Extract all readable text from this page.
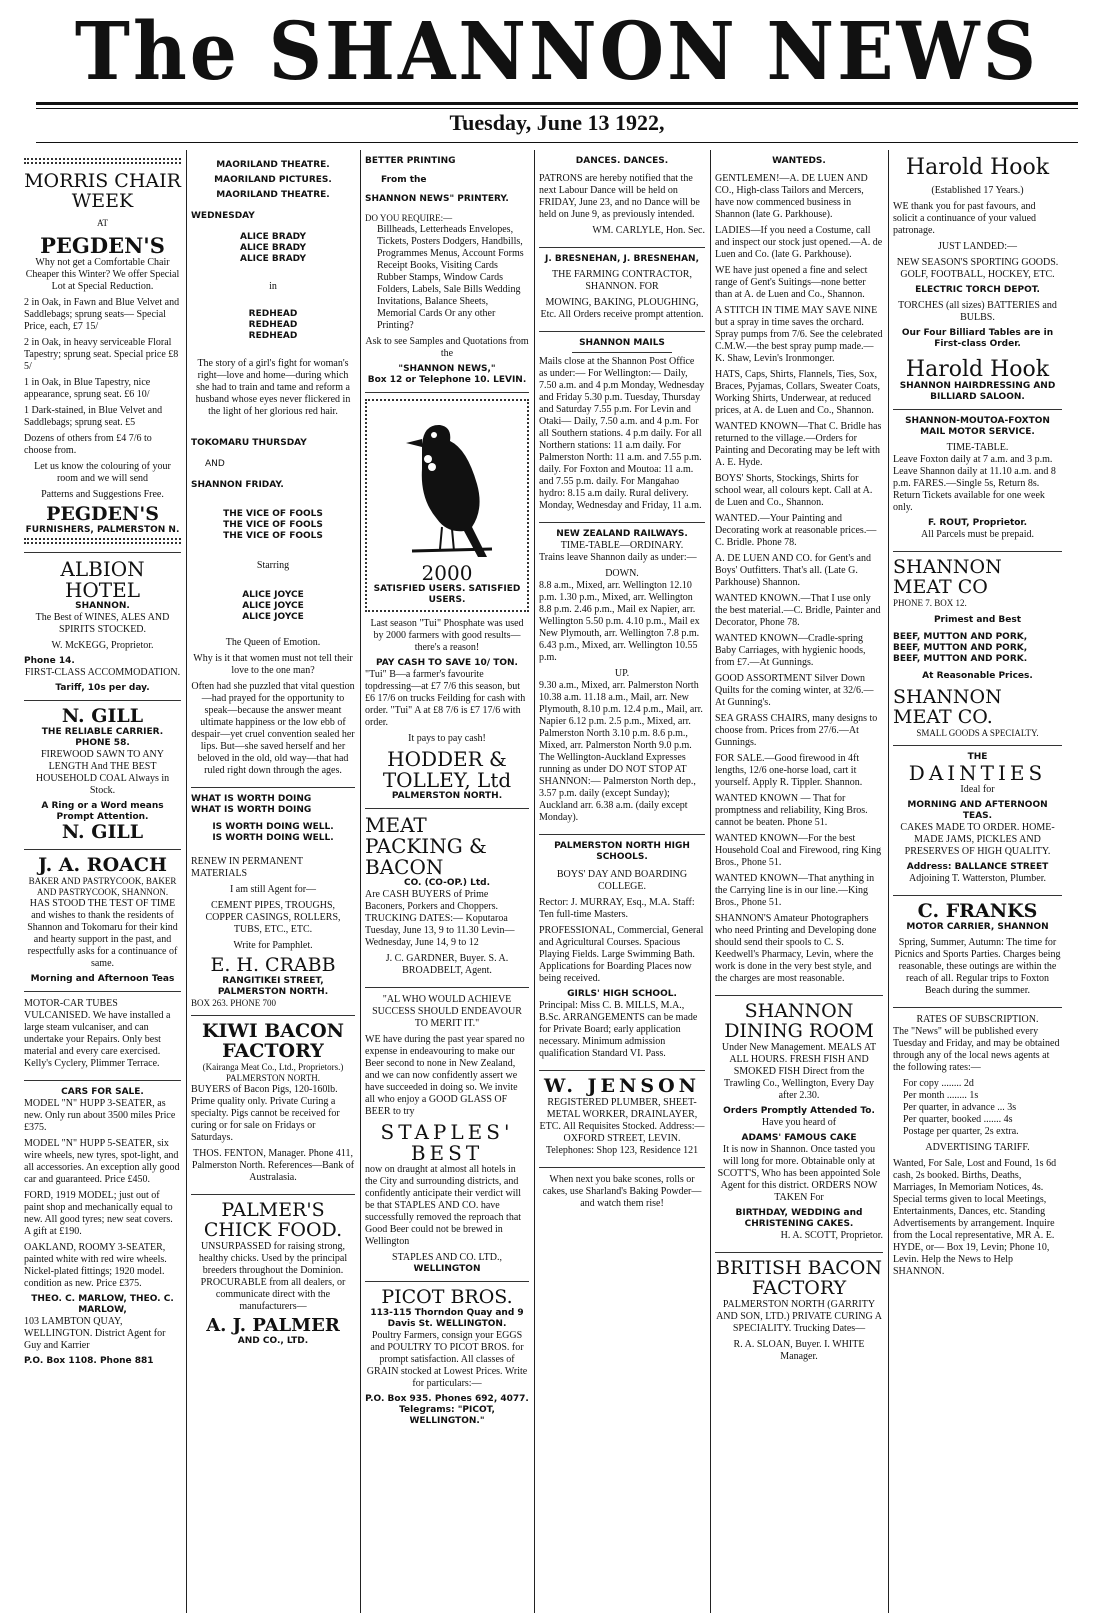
The SHANNON NEWS
Tuesday, June 13 1922,
MORRIS CHAIR WEEK
AT
PEGDEN'S

Why not get a Comfortable Chair Cheaper this Winter? We offer Special Lot at Special Reduction.

2 in Oak, in Fawn and Blue Velvet and Saddlebags; sprung seats— Special Price, each, £7 15/

2 in Oak, in heavy serviceable Floral Tapestry; sprung seat. Special price £8 5/

1 in Oak, in Blue Tapestry, nice appearance, sprung seat. £6 10/

1 Dark-stained, in Blue Velvet and Saddlebags; sprung seat. £5

Dozens of others from £4 7/6 to choose from.

Let us know the colouring of your room and we will send

Patterns and Suggestions Free.

PEGDEN'S
FURNISHERS, PALMERSTON N.
ALBION HOTEL
SHANNON.

The Best of WINES, ALES AND SPIRITS STOCKED.

W. McKEGG, Proprietor.

Phone 14.

FIRST-CLASS ACCOMMODATION.

Tariff, 10s per day.
N. GILL
THE RELIABLE CARRIER. PHONE 58.

FIREWOOD SAWN TO ANY LENGTH And THE BEST HOUSEHOLD COAL Always in Stock.

A Ring or a Word means Prompt Attention.
N. GILL
J. A. ROACH
BAKER AND PASTRYCOOK, BAKER AND PASTRYCOOK, SHANNON.

HAS STOOD THE TEST OF TIME and wishes to thank the residents of Shannon and Tokomaru for their kind and hearty support in the past, and respectfully asks for a continuance of same.

Morning and Afternoon Teas

MOTOR-CAR TUBES VULCANISED. We have installed a large steam vulcaniser, and can undertake your Repairs. Only best material and every care exercised. Kelly's Cyclery, Plimmer Terrace.

CARS FOR SALE.

MODEL "N" HUPP 3-SEATER, as new. Only run about 3500 miles Price £375.

MODEL "N" HUPP 5-SEATER, six wire wheels, new tyres, spot-light, and all accessories. An exception ally good car and guaranteed. Price £450.

FORD, 1919 MODEL; just out of paint shop and mechanically equal to new. All good tyres; new seat covers. A gift at £190.

OAKLAND, ROOMY 3-SEATER, painted white with red wire wheels. Nickel-plated fittings; 1920 model. condition as new. Price £375.

THEO. C. MARLOW, THEO. C. MARLOW,

103 LAMBTON QUAY, WELLINGTON. District Agent for Guy and Karrier

P.O. Box 1108. Phone 881
MAORILAND THEATRE.
MAORILAND PICTURES.
MAORILAND THEATRE.
WEDNESDAY
ALICE BRADY
ALICE BRADY
ALICE BRADY
in
REDHEAD
REDHEAD
REDHEAD

The story of a girl's fight for woman's right—love and home—during which she had to train and tame and reform a husband whose eyes never flickered in the light of her glorious red hair.

TOKOMARU THURSDAY
AND
SHANNON FRIDAY.
THE VICE OF FOOLS
THE VICE OF FOOLS
THE VICE OF FOOLS
Starring
ALICE JOYCE
ALICE JOYCE
ALICE JOYCE

The Queen of Emotion.

Why is it that women must not tell their love to the one man?

Often had she puzzled that vital question—had prayed for the opportunity to speak—because the answer meant ultimate happiness or the low ebb of despair—yet cruel convention sealed her lips. But—she saved herself and her beloved in the old, old way—that had ruled right down through the ages.

WHAT IS WORTH DOING
WHAT IS WORTH DOING
IS WORTH DOING WELL.
IS WORTH DOING WELL.

RENEW IN PERMANENT MATERIALS

I am still Agent for—

CEMENT PIPES, TROUGHS, COPPER CASINGS, ROLLERS, TUBS, ETC., ETC.

Write for Pamphlet.

E. H. CRABB
RANGITIKEI STREET,
PALMERSTON NORTH.
BOX 263. PHONE 700
KIWI BACON FACTORY
(Kairanga Meat Co., Ltd., Proprietors.) PALMERSTON NORTH.

BUYERS of Bacon Pigs, 120-160lb. Prime quality only. Private Curing a specialty. Pigs cannot be received for curing or for sale on Fridays or Saturdays.

THOS. FENTON, Manager. Phone 411, Palmerston North. References—Bank of Australasia.

PALMER'S CHICK FOOD.

UNSURPASSED for raising strong, healthy chicks. Used by the principal breeders throughout the Dominion. PROCURABLE from all dealers, or communicate direct with the manufacturers—

A. J. PALMER
AND CO., LTD.
BETTER PRINTING
From the
SHANNON NEWS" PRINTERY.
DO YOU REQUIRE:—

Billheads, Letterheads Envelopes, Tickets, Posters Dodgers, Handbills, Programmes Menus, Account Forms Receipt Books, Visiting Cards Rubber Stamps, Window Cards Folders, Labels, Sale Bills Wedding Invitations, Balance Sheets, Memorial Cards Or any other Printing?

Ask to see Samples and Quotations from the

"SHANNON NEWS,"
Box 12 or Telephone 10. LEVIN.
2000
SATISFIED USERS. SATISFIED USERS.

Last season "Tui" Phosphate was used by 2000 farmers with good results—there's a reason!

PAY CASH TO SAVE 10/ TON.

"Tui" B—a farmer's favourite topdressing—at £7 7/6 this season, but £6 17/6 on trucks Feilding for cash with order. "Tui" A at £8 7/6 is £7 17/6 with order.

It pays to pay cash!

HODDER & TOLLEY, Ltd
PALMERSTON NORTH.
MEAT PACKING & BACON
CO. (CO-OP.) Ltd.

Are CASH BUYERS of Prime Baconers, Porkers and Choppers. TRUCKING DATES:— Koputaroa Tuesday, June 13, 9 to 11.30 Levin—Wednesday, June 14, 9 to 12

J. C. GARDNER, Buyer. S. A. BROADBELT, Agent.

"AL WHO WOULD ACHIEVE SUCCESS SHOULD ENDEAVOUR TO MERIT IT."

WE have during the past year spared no expense in endeavouring to make our Beer second to none in New Zealand, and we can now confidently assert we have succeeded in doing so. We invite all who enjoy a GOOD GLASS OF BEER to try

STAPLES' BEST

now on draught at almost all hotels in the City and surrounding districts, and confidently anticipate their verdict will be that STAPLES AND CO. have successfully removed the reproach that Good Beer could not be brewed in Wellington

STAPLES AND CO. LTD.,
WELLINGTON
PICOT BROS.
113-115 Thorndon Quay and 9 Davis St. WELLINGTON.

Poultry Farmers, consign your EGGS and POULTRY TO PICOT BROS. for prompt satisfaction. All classes of GRAIN stocked at Lowest Prices. Write for particulars:—

P.O. Box 935. Phones 692, 4077. Telegrams: "PICOT, WELLINGTON."
DANCES. DANCES.

PATRONS are hereby notified that the next Labour Dance will be held on FRIDAY, June 23, and no Dance will be held on June 9, as previously intended.

WM. CARLYLE, Hon. Sec.

J. BRESNEHAN, J. BRESNEHAN,

THE FARMING CONTRACTOR, SHANNON. FOR

MOWING, BAKING, PLOUGHING, Etc. All Orders receive prompt attention.

SHANNON MAILS

Mails close at the Shannon Post Office as under:— For Wellington:— Daily, 7.50 a.m. and 4 p.m Monday, Wednesday and Friday 5.30 p.m. Tuesday, Thursday and Saturday 7.55 p.m. For Levin and Otaki— Daily, 7.50 a.m. and 4 p.m. For all Southern stations. 4 p.m daily. For all Northern stations: 11 a.m daily. For Palmerston North: 11 a.m. and 7.55 p.m. daily. For Foxton and Moutoa: 11 a.m. and 7.55 p.m. daily. For Mangahao hydro: 8.15 a.m daily. Rural delivery. Monday, Wednesday and Friday, 11 a.m.

NEW ZEALAND RAILWAYS.
TIME-TABLE—ORDINARY.

Trains leave Shannon daily as under:—

DOWN.

8.8 a.m., Mixed, arr. Wellington 12.10 p.m. 1.30 p.m., Mixed, arr. Wellington 8.8 p.m. 2.46 p.m., Mail ex Napier, arr. Wellington 5.50 p.m. 4.10 p.m., Mail ex New Plymouth, arr. Wellington 7.8 p.m. 6.43 p.m., Mixed, arr. Wellington 10.55 p.m.

UP.

9.30 a.m., Mixed, arr. Palmerston North 10.38 a.m. 11.18 a.m., Mail, arr. New Plymouth, 8.10 p.m. 12.4 p.m., Mail, arr. Napier 6.12 p.m. 2.5 p.m., Mixed, arr. Palmerston North 3.10 p.m. 8.6 p.m., Mixed, arr. Palmerston North 9.0 p.m. The Wellington-Auckland Expresses running as under DO NOT STOP AT SHANNON:— Palmerston North dep., 3.57 p.m. daily (except Sunday); Auckland arr. 6.38 a.m. (daily except Monday).

PALMERSTON NORTH HIGH SCHOOLS.

BOYS' DAY AND BOARDING COLLEGE.

Rector: J. MURRAY, Esq., M.A. Staff: Ten full-time Masters.

PROFESSIONAL, Commercial, General and Agricultural Courses. Spacious Playing Fields. Large Swimming Bath. Applications for Boarding Places now being received.

GIRLS' HIGH SCHOOL.

Principal: Miss C. B. MILLS, M.A., B.Sc. ARRANGEMENTS can be made for Private Board; early application necessary. Minimum admission qualification Standard VI. Pass.

W. JENSON

REGISTERED PLUMBER, SHEET-METAL WORKER, DRAINLAYER, ETC. All Requisites Stocked. Address:— OXFORD STREET, LEVIN. Telephones: Shop 123, Residence 121

When next you bake scones, rolls or cakes, use Sharland's Baking Powder—and watch them rise!

WANTEDS.

GENTLEMEN!—A. DE LUEN AND CO., High-class Tailors and Mercers, have now commenced business in Shannon (late G. Parkhouse).

LADIES—If you need a Costume, call and inspect our stock just opened.—A. de Luen and Co. (late G. Parkhouse).

WE have just opened a fine and select range of Gent's Suitings—none better than at A. de Luen and Co., Shannon.

A STITCH IN TIME MAY SAVE NINE but a spray in time saves the orchard. Spray pumps from 7/6. See the celebrated C.M.W.—the best spray pump made.—K. Shaw, Levin's Ironmonger.

HATS, Caps, Shirts, Flannels, Ties, Sox, Braces, Pyjamas, Collars, Sweater Coats, Working Shirts, Underwear, at reduced prices, at A. de Luen and Co., Shannon.

WANTED KNOWN—That C. Bridle has returned to the village.—Orders for Painting and Decorating may be left with A. E. Hyde.

BOYS' Shorts, Stockings, Shirts for school wear, all colours kept. Call at A. de Luen and Co., Shannon.

WANTED.—Your Painting and Decorating work at reasonable prices.—C. Bridle. Phone 78.

A. DE LUEN AND CO. for Gent's and Boys' Outfitters. That's all. (Late G. Parkhouse) Shannon.

WANTED KNOWN.—That I use only the best material.—C. Bridle, Painter and Decorator, Phone 78.

WANTED KNOWN—Cradle-spring Baby Carriages, with hygienic hoods, from £7.—At Gunnings.

GOOD ASSORTMENT Silver Down Quilts for the coming winter, at 32/6.—At Gunning's.

SEA GRASS CHAIRS, many designs to choose from. Prices from 27/6.—At Gunnings.

FOR SALE.—Good firewood in 4ft lengths, 12/6 one-horse load, cart it yourself. Apply R. Tippler. Shannon.

WANTED KNOWN — That for promptness and reliability, King Bros. cannot be beaten. Phone 51.

WANTED KNOWN—For the best Household Coal and Firewood, ring King Bros., Phone 51.

WANTED KNOWN—That anything in the Carrying line is in our line.—King Bros., Phone 51.

SHANNON'S Amateur Photographers who need Printing and Developing done should send their spools to C. S. Keedwell's Pharmacy, Levin, where the work is done in the very best style, and the charges are most reasonable.

SHANNON DINING ROOM

Under New Management. MEALS AT ALL HOURS. FRESH FISH AND SMOKED FISH Direct from the Trawling Co., Wellington, Every Day after 2.30.

Orders Promptly Attended To.

Have you heard of

ADAMS' FAMOUS CAKE

It is now in Shannon. Once tasted you will long for more. Obtainable only at SCOTT'S, Who has been appointed Sole Agent for this district. ORDERS NOW TAKEN For

BIRTHDAY, WEDDING and CHRISTENING CAKES.

H. A. SCOTT, Proprietor.

BRITISH BACON FACTORY

PALMERSTON NORTH (GARRITY AND SON, LTD.) PRIVATE CURING A SPECIALITY. Trucking Dates—

R. A. SLOAN, Buyer. I. WHITE Manager.

Harold Hook

(Established 17 Years.)

WE thank you for past favours, and solicit a continuance of your valued patronage.

JUST LANDED:—

NEW SEASON'S SPORTING GOODS. GOLF, FOOTBALL, HOCKEY, ETC.

ELECTRIC TORCH DEPOT.

TORCHES (all sizes) BATTERIES and BULBS.

Our Four Billiard Tables are in First-class Order.
Harold Hook
SHANNON HAIRDRESSING AND BILLIARD SALOON.
SHANNON-MOUTOA-FOXTON MAIL MOTOR SERVICE.
TIME-TABLE.

Leave Foxton daily at 7 a.m. and 3 p.m. Leave Shannon daily at 11.10 a.m. and 8 p.m. FARES.—Single 5s, Return 8s. Return Tickets available for one week only.

F. ROUT, Proprietor.

All Parcels must be prepaid.

SHANNON MEAT CO
PHONE 7. BOX 12.
Primest and Best
BEEF, MUTTON AND PORK,
BEEF, MUTTON AND PORK,
BEEF, MUTTON AND PORK.
At Reasonable Prices.
SHANNON MEAT CO.
SMALL GOODS A SPECIALTY.
THE
DAINTIES

Ideal for

MORNING AND AFTERNOON TEAS.

CAKES MADE TO ORDER. HOME-MADE JAMS, PICKLES AND PRESERVES OF HIGH QUALITY.

Address: BALLANCE STREET

Adjoining T. Watterston, Plumber.

C. FRANKS
MOTOR CARRIER, SHANNON

Spring, Summer, Autumn: The time for Picnics and Sports Parties. Charges being reasonable, these outings are within the reach of all. Regular trips to Foxton Beach during the summer.

RATES OF SUBSCRIPTION.

The "News" will be published every Tuesday and Friday, and may be obtained through any of the local news agents at the following rates:—

For copy ........ 2d
Per month ........ 1s
Per quarter, in advance ... 3s
Per quarter, booked ....... 4s
Postage per quarter, 2s extra.
ADVERTISING TARIFF.

Wanted, For Sale, Lost and Found, 1s 6d cash, 2s booked. Births, Deaths, Marriages, In Memoriam Notices, 4s. Special terms given to local Meetings, Entertainments, Dances, etc. Standing Advertisements by arrangement. Inquire from the Local representative, MR A. E. HYDE, or— Box 19, Levin; Phone 10, Levin. Help the News to Help SHANNON.
